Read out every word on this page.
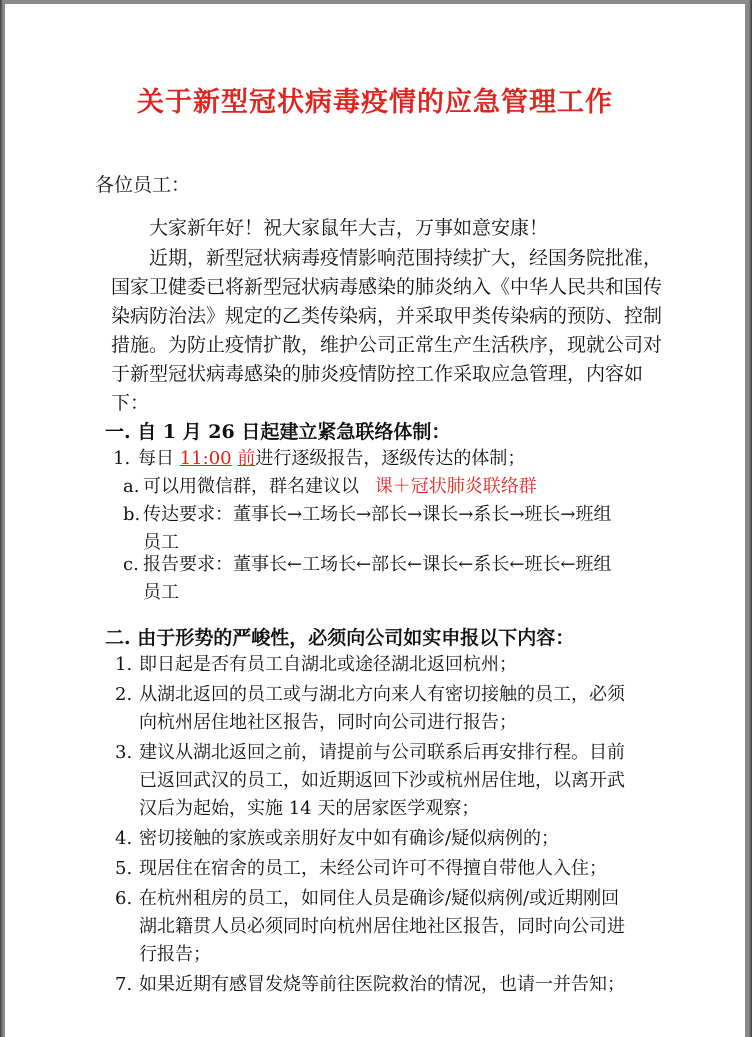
关于新型冠状病毒疫情的应急管理工作
各位员工：
大家新年好！祝大家鼠年大吉，万事如意安康！
近期，新型冠状病毒疫情影响范围持续扩大，经国务院批准，国家卫健委已将新型冠状病毒感染的肺炎纳入《中华人民共和国传染病防治法》规定的乙类传染病，并采取甲类传染病的预防、控制措施。为防止疫情扩散，维护公司正常生产生活秩序，现就公司对于新型冠状病毒感染的肺炎疫情防控工作采取应急管理，内容如下：
一. 自 1 月 26 日起建立紧急联络体制：
1. 每日 11:00 前进行逐级报告，逐级传达的体制；
a. 可以用微信群，群名建议以 课＋冠状肺炎联络群
b. 传达要求：董事长→工场长→部长→课长→系长→班长→班组
员工
c. 报告要求：董事长←工场长←部长←课长←系长←班长←班组
员工
二. 由于形势的严峻性，必须向公司如实申报以下内容：
1. 即日起是否有员工自湖北或途径湖北返回杭州；
2. 从湖北返回的员工或与湖北方向来人有密切接触的员工，必须
向杭州居住地社区报告，同时向公司进行报告；
3. 建议从湖北返回之前，请提前与公司联系后再安排行程。目前
已返回武汉的员工，如近期返回下沙或杭州居住地，以离开武
汉后为起始，实施 14 天的居家医学观察；
4. 密切接触的家族或亲朋好友中如有确诊/疑似病例的；
5. 现居住在宿舍的员工，未经公司许可不得擅自带他人入住；
6. 在杭州租房的员工，如同住人员是确诊/疑似病例/或近期刚回
湖北籍贯人员必须同时向杭州居住地社区报告，同时向公司进
行报告；
7. 如果近期有感冒发烧等前往医院救治的情况，也请一并告知；
